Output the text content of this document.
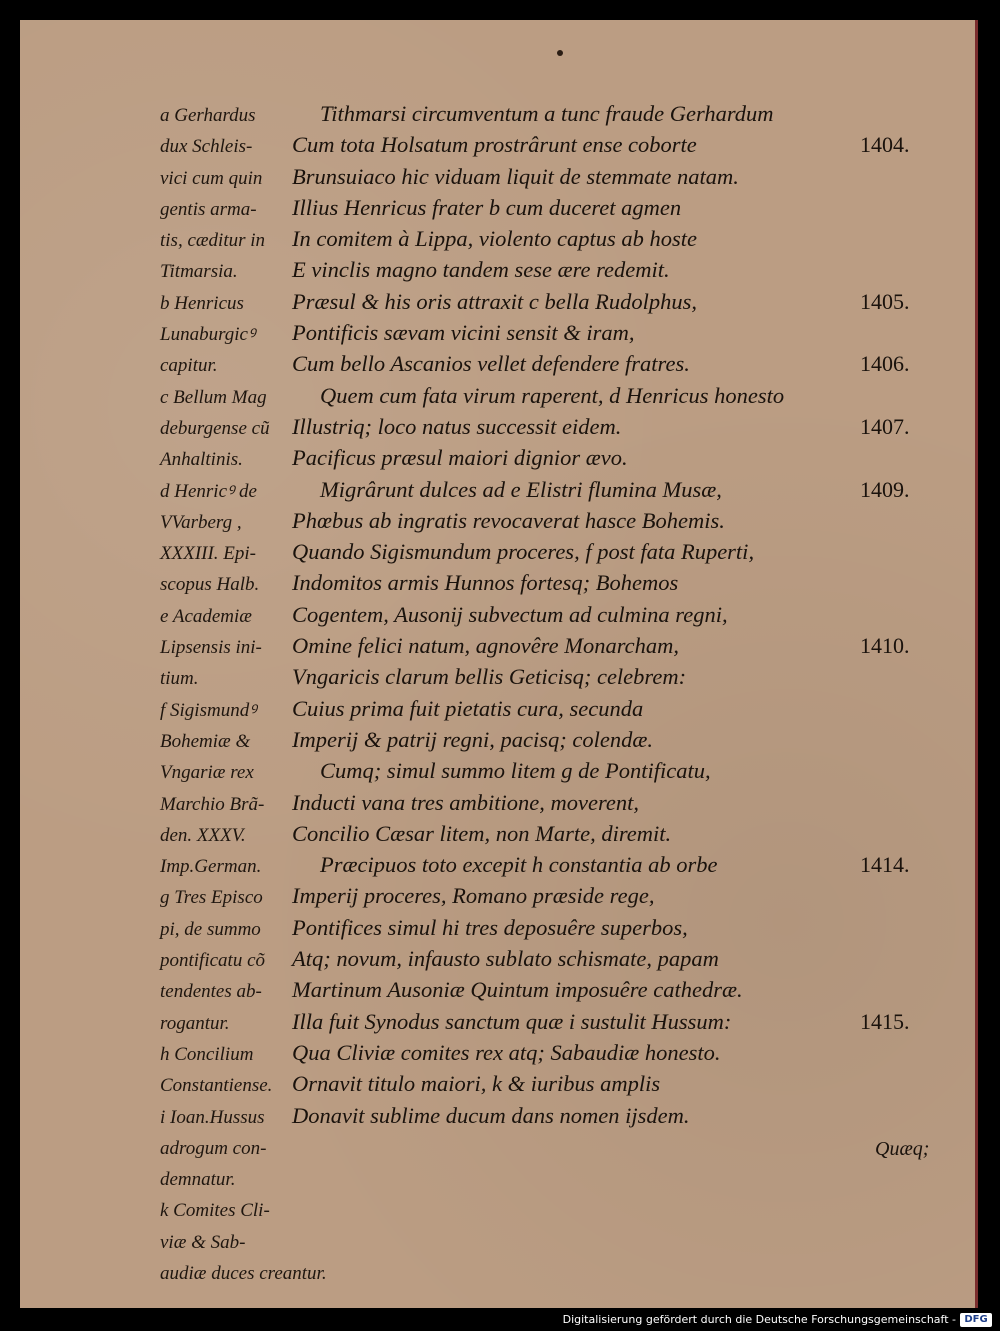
a Gerhardus
dux Schleis-
vici cum quin
gentis arma-
tis, cæditur in
Titmarsia.
b Henricus
Lunaburgicꝰ
capitur.
c Bellum Mag
deburgense cũ
Anhaltinis.
d Henricꝰ de
VVarberg ,
XXXIII. Epi-
scopus Halb.
e Academiæ
Lipsensis ini-
tium.
f Sigismundꝰ
Bohemiæ &
Vngariæ rex
Marchio Brã-
den. XXXV.
Imp.German.
g Tres Episco
pi, de summo
pontificatu cõ
tendentes ab-
rogantur.
h Concilium
Constantiense.
i Ioan.Hussus
adrogum con-
demnatur.
k Comites Cli-
viæ & Sab-
audiæ duces creantur.
Tithmarsi circumventum a tunc fraude Gerhardum
Cum tota Holsatum prostrârunt ense coborte
Brunsuiaco hic viduam liquit de stemmate natam.
Illius Henricus frater b cum duceret agmen
In comitem à Lippa, violento captus ab hoste
E vinclis magno tandem sese ære redemit.
Præsul & his oris attraxit c bella Rudolphus,
Pontificis sævam vicini sensit & iram,
Cum bello Ascanios vellet defendere fratres.
Quem cum fata virum raperent, d Henricus honesto
Illustriq; loco natus successit eidem.
Pacificus præsul maiori dignior ævo.
Migrârunt dulces ad e Elistri flumina Musæ,
Phœbus ab ingratis revocaverat hasce Bohemis.
Quando Sigismundum proceres, f post fata Ruperti,
Indomitos armis Hunnos fortesq; Bohemos
Cogentem, Ausonij subvectum ad culmina regni,
Omine felici natum, agnovêre Monarcham,
Vngaricis clarum bellis Geticisq; celebrem:
Cuius prima fuit pietatis cura, secunda
Imperij & patrij regni, pacisq; colendæ.
Cumq; simul summo litem g de Pontificatu,
Inducti vana tres ambitione, moverent,
Concilio Cæsar litem, non Marte, diremit.
Præcipuos toto excepit h constantia ab orbe
Imperij proceres, Romano præside rege,
Pontifices simul hi tres deposuêre superbos,
Atq; novum, infausto sublato schismate, papam
Martinum Ausoniæ Quintum imposuêre cathedræ.
Illa fuit Synodus sanctum quæ i sustulit Hussum:
Qua Cliviæ comites rex atq; Sabaudiæ honesto.
Ornavit titulo maiori, k & iuribus amplis
Donavit sublime ducum dans nomen ijsdem.
1404.
1405.
1406.
1407.
1409.
1410.
1414.
1415.
Quæq;
Digitalisierung gefördert durch die Deutsche Forschungsgemeinschaft - DFG
